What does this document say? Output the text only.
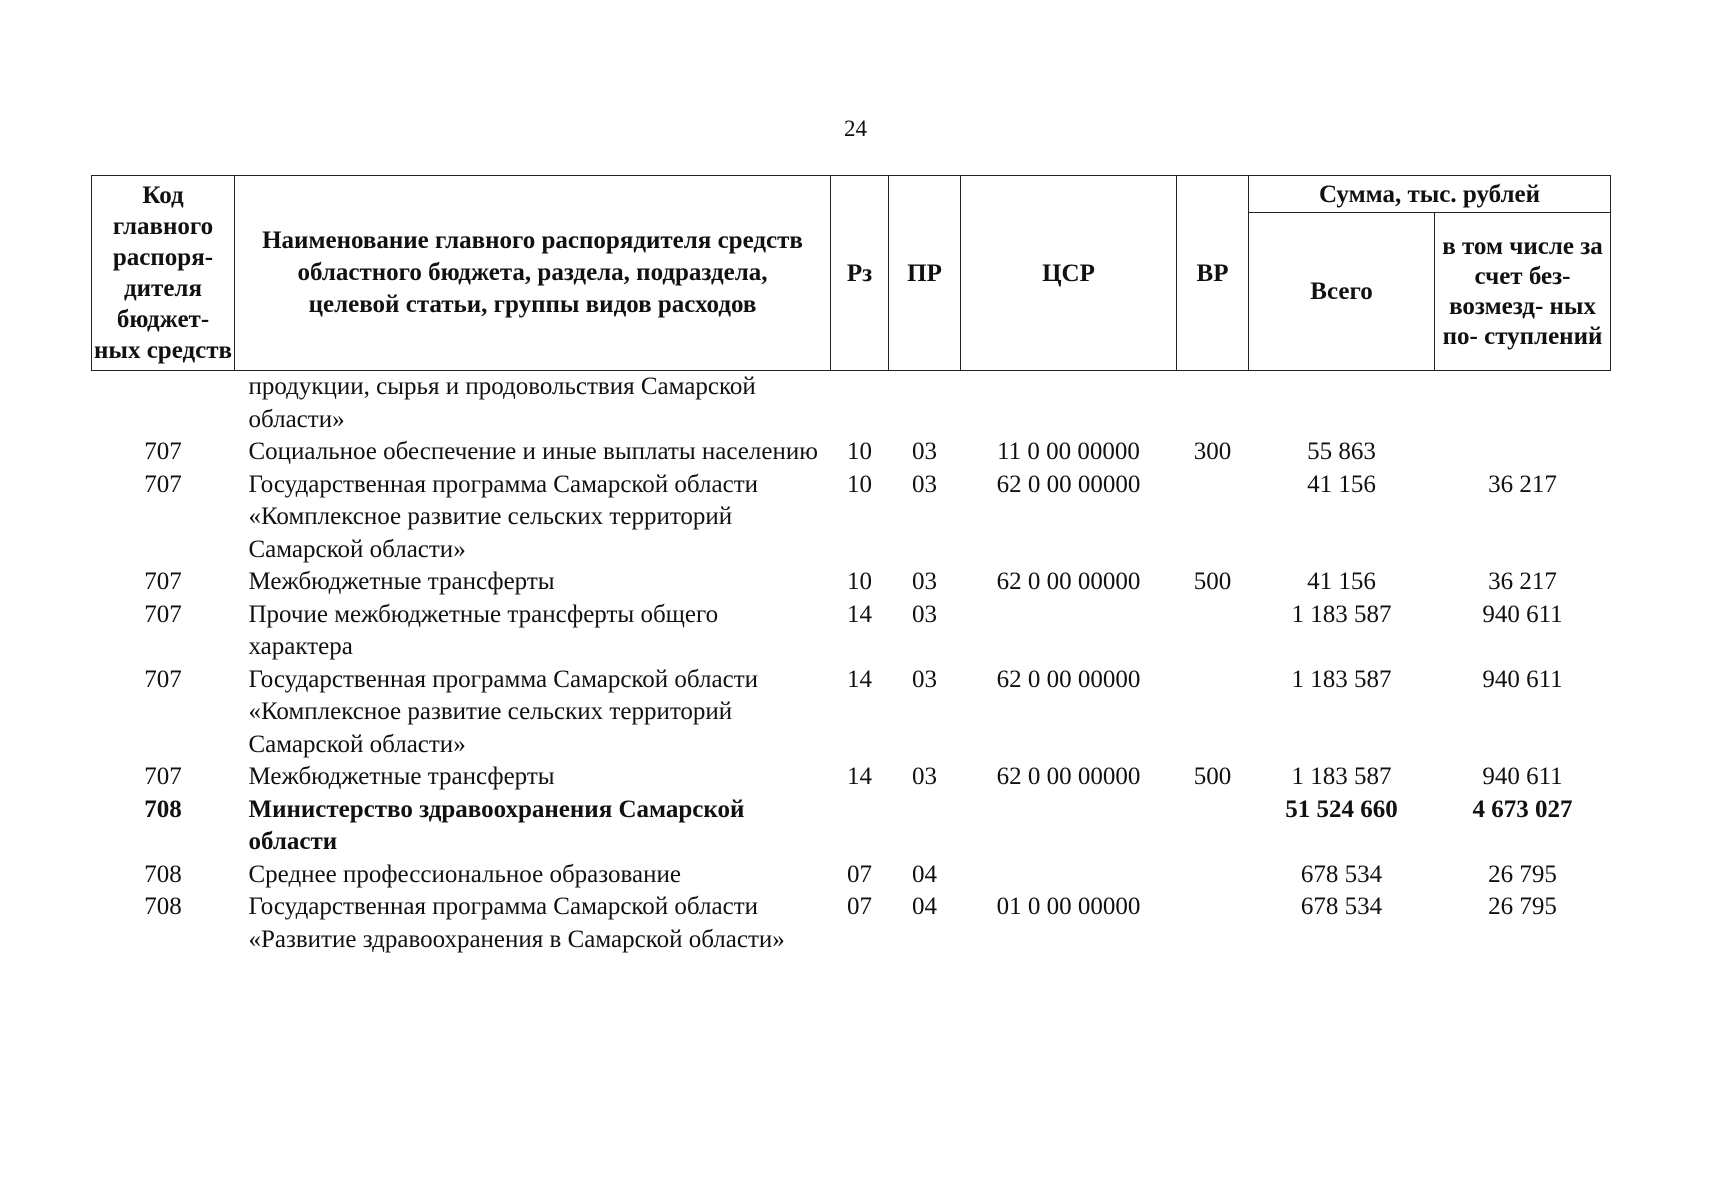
24
Код главного распоря- дителя бюджет- ных средств	Наименование главного распорядителя средств областного бюджета, раздела, подраздела, целевой статьи, группы видов расходов	Рз	ПР	ЦСР	ВР	Сумма, тыс. рублей	
						Всего	в том числе за счет без- возмезд- ных по- ступлений
	продукции, сырья и продовольствия Самарской области»						
707	Социальное обеспечение и иные выплаты населению	10	03	11 0 00 00000	300	55 863	
707	Государственная программа Самарской области «Комплексное развитие сельских территорий Самарской области»	10	03	62 0 00 00000		41 156	36 217
707	Межбюджетные трансферты	10	03	62 0 00 00000	500	41 156	36 217
707	Прочие межбюджетные трансферты общего характера	14	03			1 183 587	940 611
707	Государственная программа Самарской области «Комплексное развитие сельских территорий Самарской области»	14	03	62 0 00 00000		1 183 587	940 611
707	Межбюджетные трансферты	14	03	62 0 00 00000	500	1 183 587	940 611
708	Министерство здравоохранения Самарской области					51 524 660	4 673 027
708	Среднее профессиональное образование	07	04			678 534	26 795
708	Государственная программа Самарской области «Развитие здравоохранения в Самарской области»	07	04	01 0 00 00000		678 534	26 795
